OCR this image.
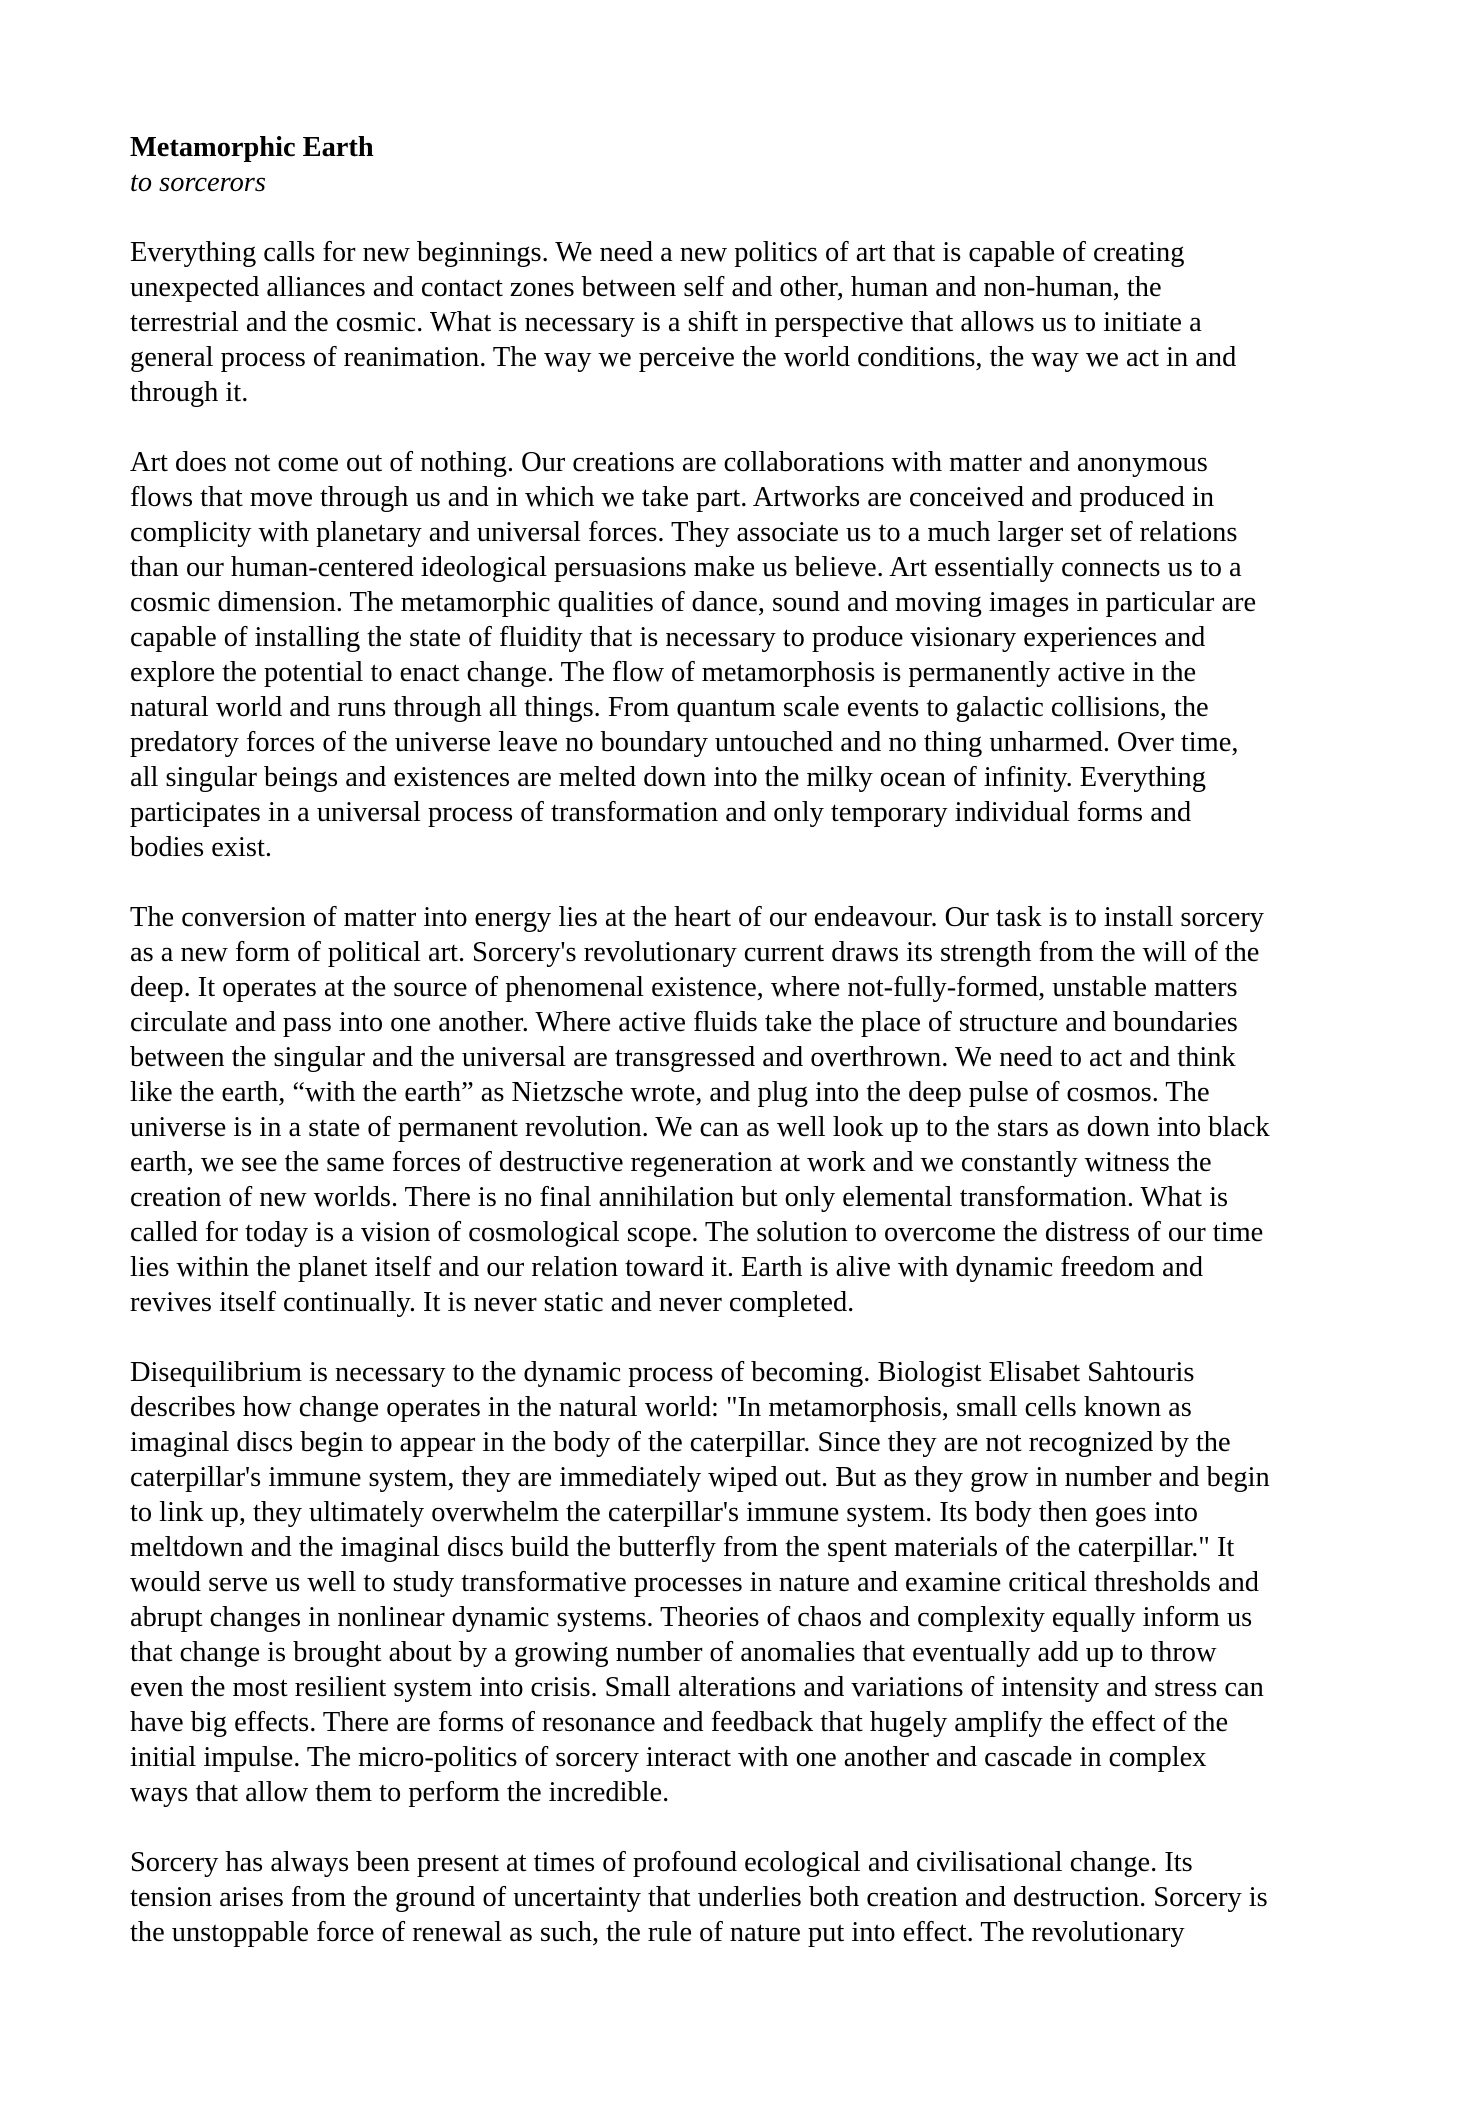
Metamorphic Earth
to sorcerors
Everything calls for new beginnings. We need a new politics of art that is capable of creating
unexpected alliances and contact zones between self and other, human and non-human, the
terrestrial and the cosmic. What is necessary is a shift in perspective that allows us to initiate a
general process of reanimation. The way we perceive the world conditions, the way we act in and
through it.
Art does not come out of nothing. Our creations are collaborations with matter and anonymous
flows that move through us and in which we take part. Artworks are conceived and produced in
complicity with planetary and universal forces. They associate us to a much larger set of relations
than our human-centered ideological persuasions make us believe. Art essentially connects us to a
cosmic dimension. The metamorphic qualities of dance, sound and moving images in particular are
capable of installing the state of fluidity that is necessary to produce visionary experiences and
explore the potential to enact change. The flow of metamorphosis is permanently active in the
natural world and runs through all things. From quantum scale events to galactic collisions, the
predatory forces of the universe leave no boundary untouched and no thing unharmed. Over time,
all singular beings and existences are melted down into the milky ocean of infinity. Everything
participates in a universal process of transformation and only temporary individual forms and
bodies exist.
The conversion of matter into energy lies at the heart of our endeavour. Our task is to install sorcery
as a new form of political art. Sorcery's revolutionary current draws its strength from the will of the
deep. It operates at the source of phenomenal existence, where not-fully-formed, unstable matters
circulate and pass into one another. Where active fluids take the place of structure and boundaries
between the singular and the universal are transgressed and overthrown. We need to act and think
like the earth, “with the earth” as Nietzsche wrote, and plug into the deep pulse of cosmos. The
universe is in a state of permanent revolution. We can as well look up to the stars as down into black
earth, we see the same forces of destructive regeneration at work and we constantly witness the
creation of new worlds. There is no final annihilation but only elemental transformation. What is
called for today is a vision of cosmological scope. The solution to overcome the distress of our time
lies within the planet itself and our relation toward it. Earth is alive with dynamic freedom and
revives itself continually. It is never static and never completed.
Disequilibrium is necessary to the dynamic process of becoming. Biologist Elisabet Sahtouris
describes how change operates in the natural world: "In metamorphosis, small cells known as
imaginal discs begin to appear in the body of the caterpillar. Since they are not recognized by the
caterpillar's immune system, they are immediately wiped out. But as they grow in number and begin
to link up, they ultimately overwhelm the caterpillar's immune system. Its body then goes into
meltdown and the imaginal discs build the butterfly from the spent materials of the caterpillar." It
would serve us well to study transformative processes in nature and examine critical thresholds and
abrupt changes in nonlinear dynamic systems. Theories of chaos and complexity equally inform us
that change is brought about by a growing number of anomalies that eventually add up to throw
even the most resilient system into crisis. Small alterations and variations of intensity and stress can
have big effects. There are forms of resonance and feedback that hugely amplify the effect of the
initial impulse. The micro-politics of sorcery interact with one another and cascade in complex
ways that allow them to perform the incredible.
Sorcery has always been present at times of profound ecological and civilisational change. Its
tension arises from the ground of uncertainty that underlies both creation and destruction. Sorcery is
the unstoppable force of renewal as such, the rule of nature put into effect. The revolutionary
